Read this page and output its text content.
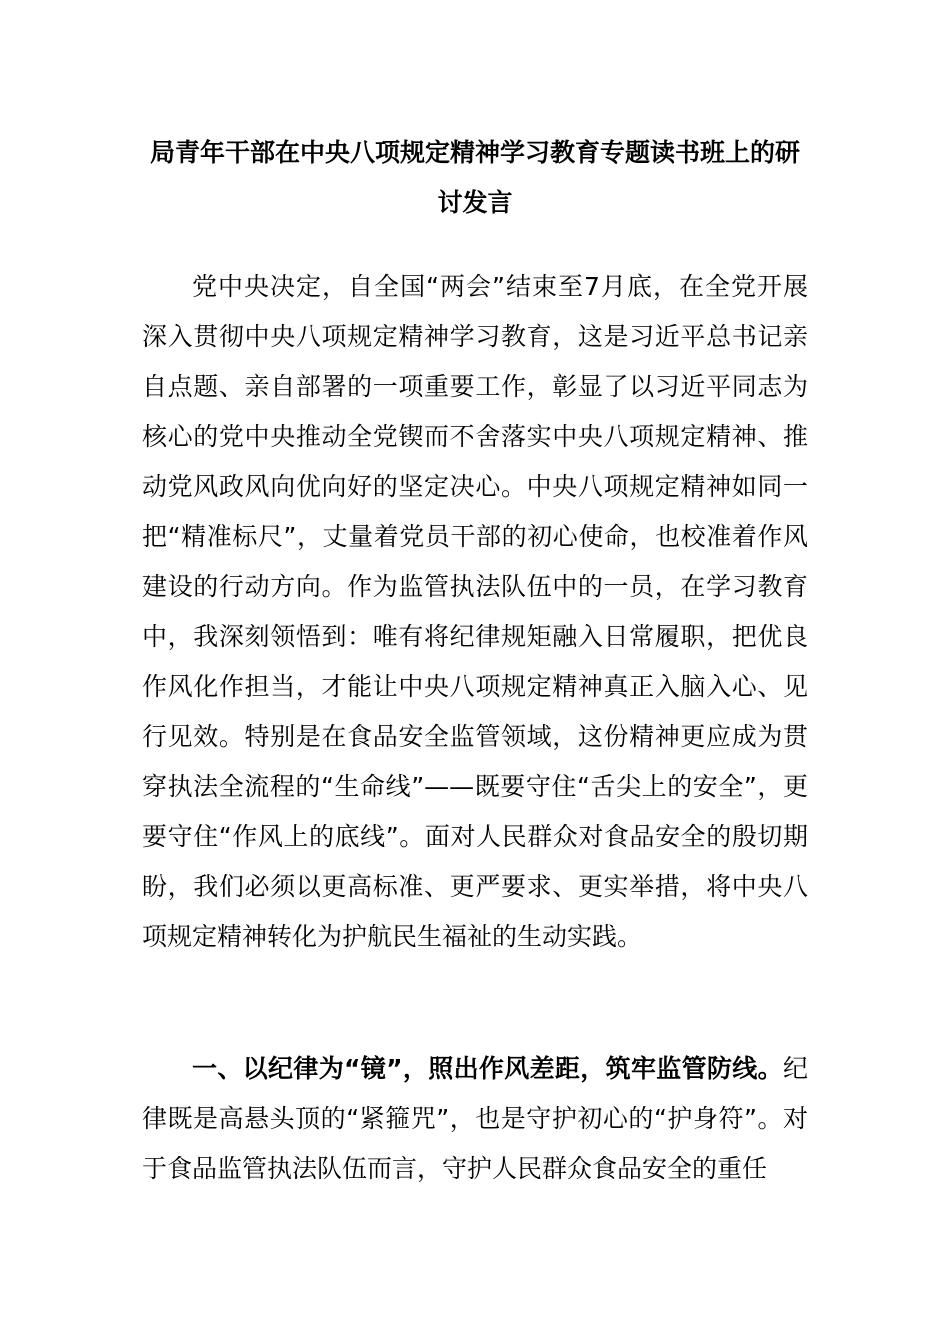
局青年干部在中央八项规定精神学习教育专题读书班上的研讨发言

党中央决定，自全国“两会”结束至7月底，在全党开展深入贯彻中央八项规定精神学习教育，这是习近平总书记亲自点题、亲自部署的一项重要工作，彰显了以习近平同志为核心的党中央推动全党锲而不舍落实中央八项规定精神、推动党风政风向优向好的坚定决心。中央八项规定精神如同一把“精准标尺”，丈量着党员干部的初心使命，也校准着作风建设的行动方向。作为监管执法队伍中的一员，在学习教育中，我深刻领悟到：唯有将纪律规矩融入日常履职，把优良作风化作担当，才能让中央八项规定精神真正入脑入心、见行见效。特别是在食品安全监管领域，这份精神更应成为贯穿执法全流程的“生命线”——既要守住“舌尖上的安全”，更要守住“作风上的底线”。面对人民群众对食品安全的殷切期盼，我们必须以更高标准、更严要求、更实举措，将中央八项规定精神转化为护航民生福祉的生动实践。

一、以纪律为“镜”，照出作风差距，筑牢监管防线。纪律既是高悬头顶的“紧箍咒”，也是守护初心的“护身符”。对于食品监管执法队伍而言，守护人民群众食品安全的重任
